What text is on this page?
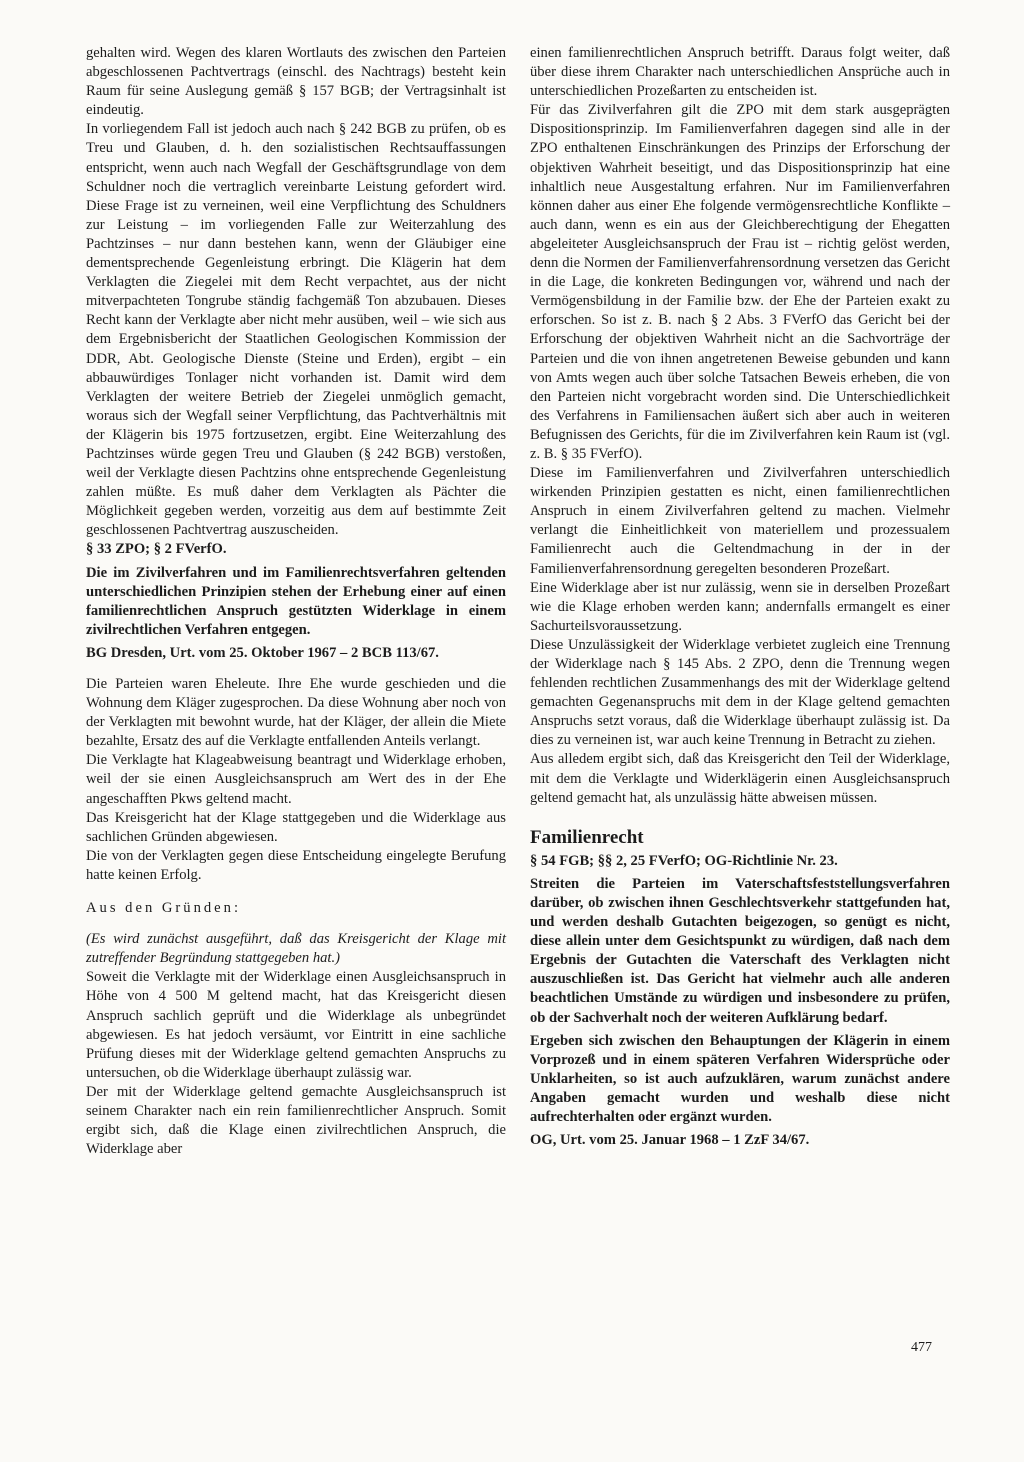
gehalten wird. Wegen des klaren Wortlauts des zwischen den Parteien abgeschlossenen Pachtvertrags (einschl. des Nachtrags) besteht kein Raum für seine Auslegung gemäß § 157 BGB; der Vertragsinhalt ist eindeutig.

In vorliegendem Fall ist jedoch auch nach § 242 BGB zu prüfen, ob es Treu und Glauben, d. h. den sozialistischen Rechtsauffassungen entspricht, wenn auch nach Wegfall der Geschäftsgrundlage von dem Schuldner noch die vertraglich vereinbarte Leistung gefordert wird. Diese Frage ist zu verneinen, weil eine Verpflichtung des Schuldners zur Leistung – im vorliegenden Falle zur Weiterzahlung des Pachtzinses – nur dann bestehen kann, wenn der Gläubiger eine dementsprechende Gegenleistung erbringt. Die Klägerin hat dem Verklagten die Ziegelei mit dem Recht verpachtet, aus der nicht mitverpachteten Tongrube ständig fachgemäß Ton abzubauen. Dieses Recht kann der Verklagte aber nicht mehr ausüben, weil – wie sich aus dem Ergebnisbericht der Staatlichen Geologischen Kommission der DDR, Abt. Geologische Dienste (Steine und Erden), ergibt – ein abbauwürdiges Tonlager nicht vorhanden ist. Damit wird dem Verklagten der weitere Betrieb der Ziegelei unmöglich gemacht, woraus sich der Wegfall seiner Verpflichtung, das Pachtverhältnis mit der Klägerin bis 1975 fortzusetzen, ergibt. Eine Weiterzahlung des Pachtzinses würde gegen Treu und Glauben (§ 242 BGB) verstoßen, weil der Verklagte diesen Pachtzins ohne entsprechende Gegenleistung zahlen müßte. Es muß daher dem Verklagten als Pächter die Möglichkeit gegeben werden, vorzeitig aus dem auf bestimmte Zeit geschlossenen Pachtvertrag auszuscheiden.

§ 33 ZPO; § 2 FVerfO.

Die im Zivilverfahren und im Familienrechtsverfahren geltenden unterschiedlichen Prinzipien stehen der Erhebung einer auf einen familienrechtlichen Anspruch gestützten Widerklage in einem zivilrechtlichen Verfahren entgegen.

BG Dresden, Urt. vom 25. Oktober 1967 – 2 BCB 113/67.

Die Parteien waren Eheleute. Ihre Ehe wurde geschieden und die Wohnung dem Kläger zugesprochen. Da diese Wohnung aber noch von der Verklagten mit bewohnt wurde, hat der Kläger, der allein die Miete bezahlte, Ersatz des auf die Verklagte entfallenden Anteils verlangt.

Die Verklagte hat Klageabweisung beantragt und Widerklage erhoben, weil der sie einen Ausgleichsanspruch am Wert des in der Ehe angeschafften Pkws geltend macht.

Das Kreisgericht hat der Klage stattgegeben und die Widerklage aus sachlichen Gründen abgewiesen.

Die von der Verklagten gegen diese Entscheidung eingelegte Berufung hatte keinen Erfolg.

Aus den Gründen:

(Es wird zunächst ausgeführt, daß das Kreisgericht der Klage mit zutreffender Begründung stattgegeben hat.)

Soweit die Verklagte mit der Widerklage einen Ausgleichsanspruch in Höhe von 4 500 M geltend macht, hat das Kreisgericht diesen Anspruch sachlich geprüft und die Widerklage als unbegründet abgewiesen. Es hat jedoch versäumt, vor Eintritt in eine sachliche Prüfung dieses mit der Widerklage geltend gemachten Anspruchs zu untersuchen, ob die Widerklage überhaupt zulässig war.

Der mit der Widerklage geltend gemachte Ausgleichsanspruch ist seinem Charakter nach ein rein familienrechtlicher Anspruch. Somit ergibt sich, daß die Klage einen zivilrechtlichen Anspruch, die Widerklage aber

einen familienrechtlichen Anspruch betrifft. Daraus folgt weiter, daß über diese ihrem Charakter nach unterschiedlichen Ansprüche auch in unterschiedlichen Prozeßarten zu entscheiden ist.

Für das Zivilverfahren gilt die ZPO mit dem stark ausgeprägten Dispositionsprinzip. Im Familienverfahren dagegen sind alle in der ZPO enthaltenen Einschränkungen des Prinzips der Erforschung der objektiven Wahrheit beseitigt, und das Dispositionsprinzip hat eine inhaltlich neue Ausgestaltung erfahren. Nur im Familienverfahren können daher aus einer Ehe folgende vermögensrechtliche Konflikte – auch dann, wenn es ein aus der Gleichberechtigung der Ehegatten abgeleiteter Ausgleichsanspruch der Frau ist – richtig gelöst werden, denn die Normen der Familienverfahrensordnung versetzen das Gericht in die Lage, die konkreten Bedingungen vor, während und nach der Vermögensbildung in der Familie bzw. der Ehe der Parteien exakt zu erforschen. So ist z. B. nach § 2 Abs. 3 FVerfO das Gericht bei der Erforschung der objektiven Wahrheit nicht an die Sachvorträge der Parteien und die von ihnen angetretenen Beweise gebunden und kann von Amts wegen auch über solche Tatsachen Beweis erheben, die von den Parteien nicht vorgebracht worden sind. Die Unterschiedlichkeit des Verfahrens in Familiensachen äußert sich aber auch in weiteren Befugnissen des Gerichts, für die im Zivilverfahren kein Raum ist (vgl. z. B. § 35 FVerfO).

Diese im Familienverfahren und Zivilverfahren unterschiedlich wirkenden Prinzipien gestatten es nicht, einen familienrechtlichen Anspruch in einem Zivilverfahren geltend zu machen. Vielmehr verlangt die Einheitlichkeit von materiellem und prozessualem Familienrecht auch die Geltendmachung in der in der Familienverfahrensordnung geregelten besonderen Prozeßart.

Eine Widerklage aber ist nur zulässig, wenn sie in derselben Prozeßart wie die Klage erhoben werden kann; andernfalls ermangelt es einer Sachurteilsvoraussetzung.

Diese Unzulässigkeit der Widerklage verbietet zugleich eine Trennung der Widerklage nach § 145 Abs. 2 ZPO, denn die Trennung wegen fehlenden rechtlichen Zusammenhangs des mit der Widerklage geltend gemachten Gegenanspruchs mit dem in der Klage geltend gemachten Anspruchs setzt voraus, daß die Widerklage überhaupt zulässig ist. Da dies zu verneinen ist, war auch keine Trennung in Betracht zu ziehen.

Aus alledem ergibt sich, daß das Kreisgericht den Teil der Widerklage, mit dem die Verklagte und Widerklägerin einen Ausgleichsanspruch geltend gemacht hat, als unzulässig hätte abweisen müssen.

Familienrecht

§ 54 FGB; §§ 2, 25 FVerfO; OG-Richtlinie Nr. 23.

Streiten die Parteien im Vaterschaftsfeststellungsverfahren darüber, ob zwischen ihnen Geschlechtsverkehr stattgefunden hat, und werden deshalb Gutachten beigezogen, so genügt es nicht, diese allein unter dem Gesichtspunkt zu würdigen, daß nach dem Ergebnis der Gutachten die Vaterschaft des Verklagten nicht auszuschließen ist. Das Gericht hat vielmehr auch alle anderen beachtlichen Umstände zu würdigen und insbesondere zu prüfen, ob der Sachverhalt noch der weiteren Aufklärung bedarf.

Ergeben sich zwischen den Behauptungen der Klägerin in einem Vorprozeß und in einem späteren Verfahren Widersprüche oder Unklarheiten, so ist auch aufzuklären, warum zunächst andere Angaben gemacht wurden und weshalb diese nicht aufrechterhalten oder ergänzt wurden.

OG, Urt. vom 25. Januar 1968 – 1 ZzF 34/67.

477
